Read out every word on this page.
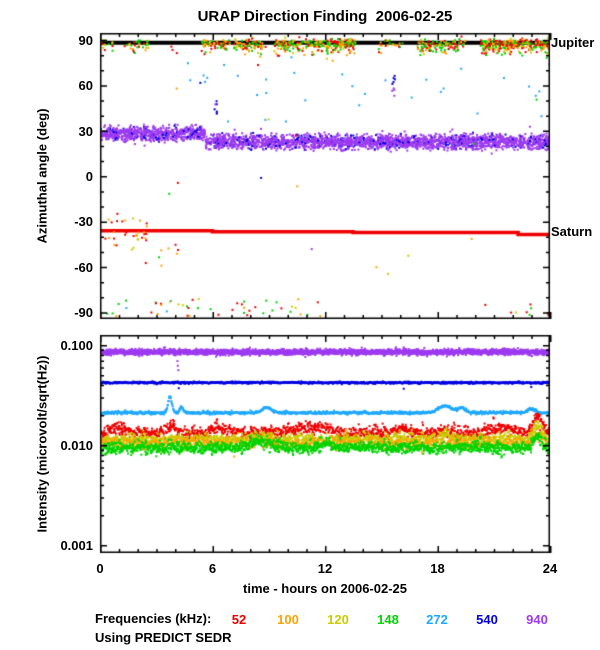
URAP Direction Finding  2006-02-25
Azimuthal angle (deg)
Intensity (microvolt/sqrt(Hz))
time - hours on 2006-02-25
Jupiter
Saturn
Frequencies (kHz):	52	100	120	148	272	540	940
Using PREDICT SEDR
90
60
30
0
-30
-60
-90
0.100
0.010
0.001
0	6	12	18	24
